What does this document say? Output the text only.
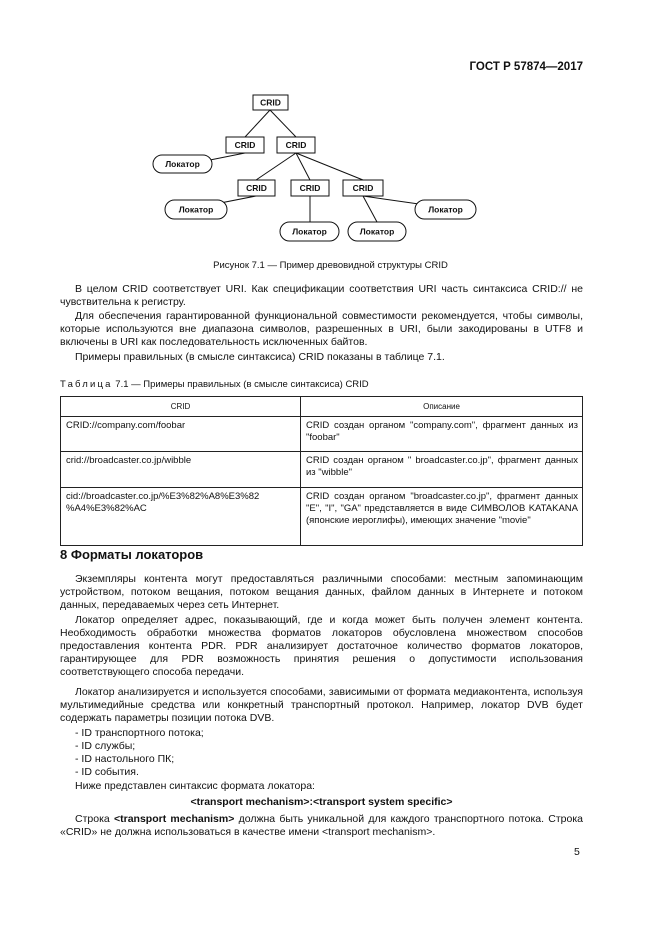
ГОСТ Р 57874—2017
CRID
CRID	CRID
Локатор
CRID	CRID	CRID
Локатор
Локатор	Локатор
Локатор
Рисунок 7.1 — Пример древовидной структуры CRID
В целом CRID соответствует URI. Как спецификации соответствия URI часть синтаксиса CRID:// не чувствительна к регистру.
Для обеспечения гарантированной функциональной совместимости рекомендуется, чтобы символы, которые используются вне диапазона символов, разрешенных в URI, были закодированы в UTF8 и включены в URI как последовательность исключенных байтов.
Примеры правильных (в смысле синтаксиса) CRID показаны в таблице 7.1.
Таблица 7.1 — Примеры правильных (в смысле синтаксиса) CRID
CRID	Описание
CRID://company.com/foobar	CRID создан органом "company.com", фрагмент данных из "foobar"
crid://broadcaster.co.jp/wibble	CRID создан органом " broadcaster.co.jp", фрагмент данных из "wibble"
cid://broadcaster.co.jp/%E3%82%A8%E3%82 %A4%E3%82%AC	CRID создан органом "broadcaster.co.jp", фрагмент данных "E", "I", "GA" представляется в виде СИМВОЛОВ KATAKANA (японские иероглифы), имеющих значение "movie"
8 Форматы локаторов
Экземпляры контента могут предоставляться различными способами: местным запоминающим устройством, потоком вещания, потоком вещания данных, файлом данных в Интернете и потоком данных, передаваемых через сеть Интернет.
Локатор определяет адрес, показывающий, где и когда может быть получен элемент контента. Необходимость обработки множества форматов локаторов обусловлена множеством способов предоставления контента PDR. PDR анализирует достаточное количество форматов локаторов, гарантирующее для PDR возможность принятия решения о допустимости использования соответствующего способа передачи.
Локатор анализируется и используется способами, зависимыми от формата медиаконтента, используя мультимедийные средства или конкретный транспортный протокол. Например, локатор DVB будет содержать параметры позиции потока DVB.
- ID транспортного потока;
- ID службы;
- ID настольного ПК;
- ID события.
Ниже представлен синтаксис формата локатора:
<transport mechanism>:<transport system specific>
Строка <transport mechanism> должна быть уникальной для каждого транспортного потока. Строка «CRID» не должна использоваться в качестве имени <transport mechanism>.
5
